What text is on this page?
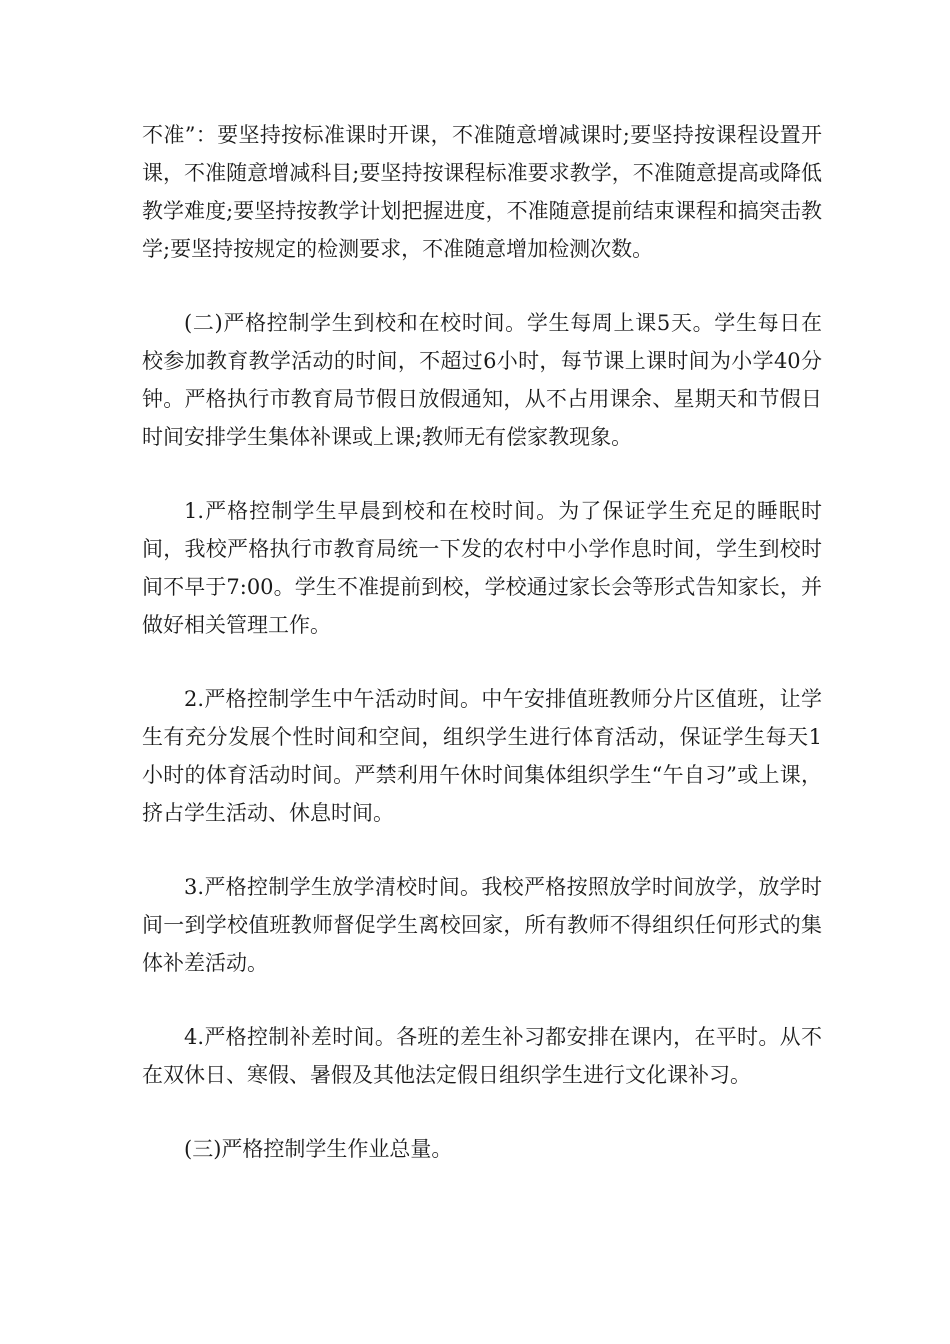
不准”：要坚持按标准课时开课，不准随意增减课时;要坚持按课程设置开课，不准随意增减科目;要坚持按课程标准要求教学，不准随意提高或降低教学难度;要坚持按教学计划把握进度，不准随意提前结束课程和搞突击教学;要坚持按规定的检测要求，不准随意增加检测次数。

(二)严格控制学生到校和在校时间。学生每周上课5天。学生每日在校参加教育教学活动的时间，不超过6小时，每节课上课时间为小学40分钟。严格执行市教育局节假日放假通知，从不占用课余、星期天和节假日时间安排学生集体补课或上课;教师无有偿家教现象。

1.严格控制学生早晨到校和在校时间。为了保证学生充足的睡眠时间，我校严格执行市教育局统一下发的农村中小学作息时间，学生到校时间不早于7:00。学生不准提前到校，学校通过家长会等形式告知家长，并做好相关管理工作。

2.严格控制学生中午活动时间。中午安排值班教师分片区值班，让学生有充分发展个性时间和空间，组织学生进行体育活动，保证学生每天1小时的体育活动时间。严禁利用午休时间集体组织学生“午自习”或上课，挤占学生活动、休息时间。

3.严格控制学生放学清校时间。我校严格按照放学时间放学，放学时间一到学校值班教师督促学生离校回家，所有教师不得组织任何形式的集体补差活动。

4.严格控制补差时间。各班的差生补习都安排在课内，在平时。从不在双休日、寒假、暑假及其他法定假日组织学生进行文化课补习。

(三)严格控制学生作业总量。
